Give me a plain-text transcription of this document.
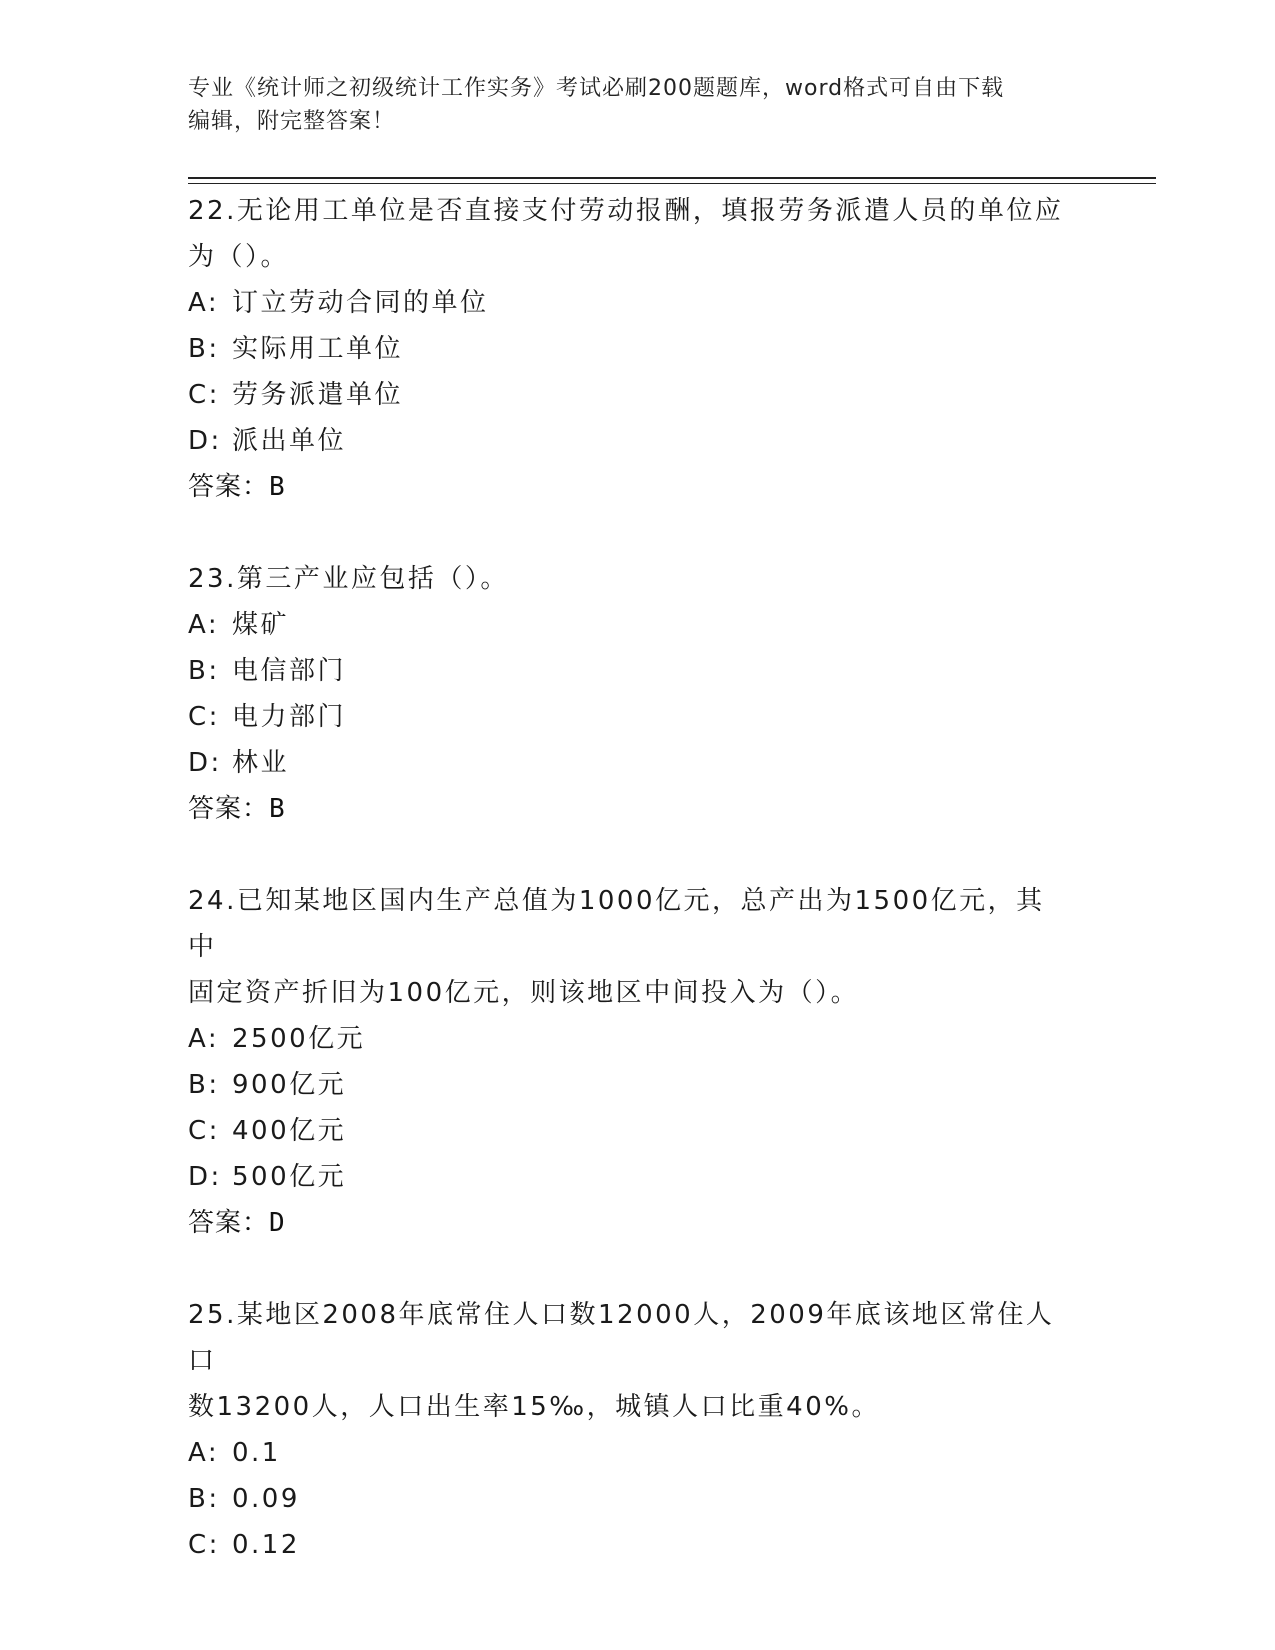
专业《统计师之初级统计工作实务》考试必刷200题题库，word格式可自由下载
编辑，附完整答案！
22.无论用工单位是否直接支付劳动报酬，填报劳务派遣人员的单位应
为（）。
A: 订立劳动合同的单位
B: 实际用工单位
C: 劳务派遣单位
D: 派出单位
答案：B
23.第三产业应包括（）。
A: 煤矿
B: 电信部门
C: 电力部门
D: 林业
答案：B
24.已知某地区国内生产总值为1000亿元，总产出为1500亿元，其中
固定资产折旧为100亿元，则该地区中间投入为（）。
A: 2500亿元
B: 900亿元
C: 400亿元
D: 500亿元
答案：D
25.某地区2008年底常住人口数12000人，2009年底该地区常住人口
数13200人，人口出生率15‰，城镇人口比重40%。
A: 0.1
B: 0.09
C: 0.12
